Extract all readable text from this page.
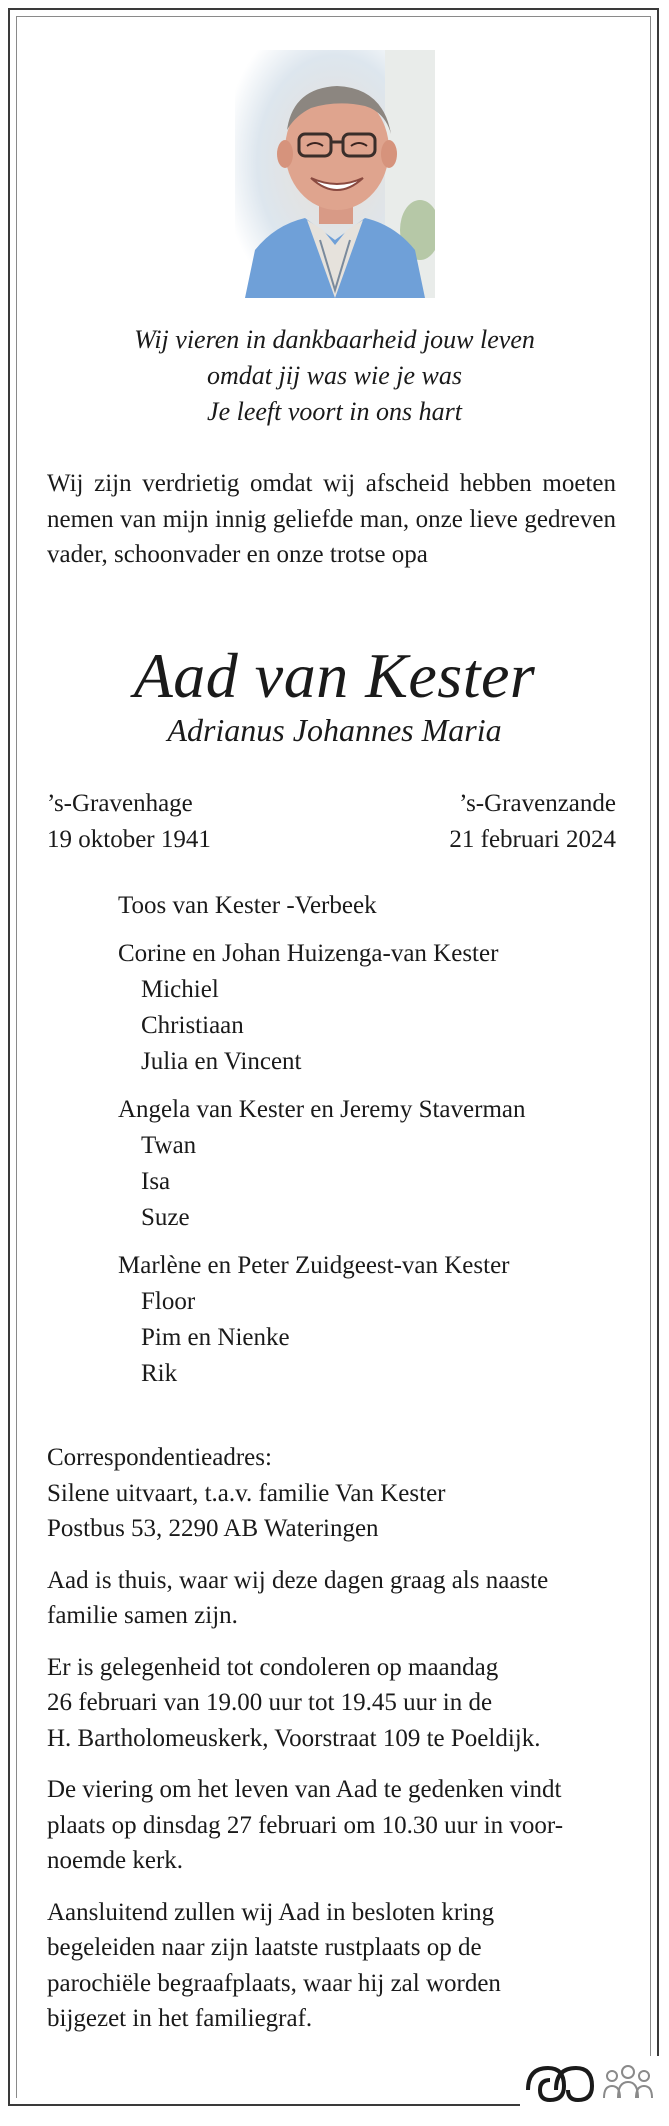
Wij vieren in dankbaarheid jouw leven
omdat jij was wie je was
Je leeft voort in ons hart
Wij zijn verdrietig omdat wij afscheid hebben moeten nemen van mijn innig geliefde man, onze lieve gedreven vader, schoonvader en onze trotse opa
Aad van Kester
Adrianus Johannes Maria
’s-Gravenhage
19 oktober 1941
’s-Gravenzande
21 februari 2024
Toos van Kester -Verbeek
Corine en Johan Huizenga-van Kester
Michiel
Christiaan
Julia en Vincent
Angela van Kester en Jeremy Staverman
Twan
Isa
Suze
Marlène en Peter Zuidgeest-van Kester
Floor
Pim en Nienke
Rik

Correspondentieadres:
Silene uitvaart, t.a.v. familie Van Kester
Postbus 53, 2290 AB Wateringen

Aad is thuis, waar wij deze dagen graag als naaste
familie samen zijn.

Er is gelegenheid tot condoleren op maandag
26 februari van 19.00 uur tot 19.45 uur in de
H. Bartholomeuskerk, Voorstraat 109 te Poeldijk.

De viering om het leven van Aad te gedenken vindt
plaats op dinsdag 27 februari om 10.30 uur in voor-
noemde kerk.

Aansluitend zullen wij Aad in besloten kring
begeleiden naar zijn laatste rustplaats op de
parochiële begraafplaats, waar hij zal worden
bijgezet in het familiegraf.
